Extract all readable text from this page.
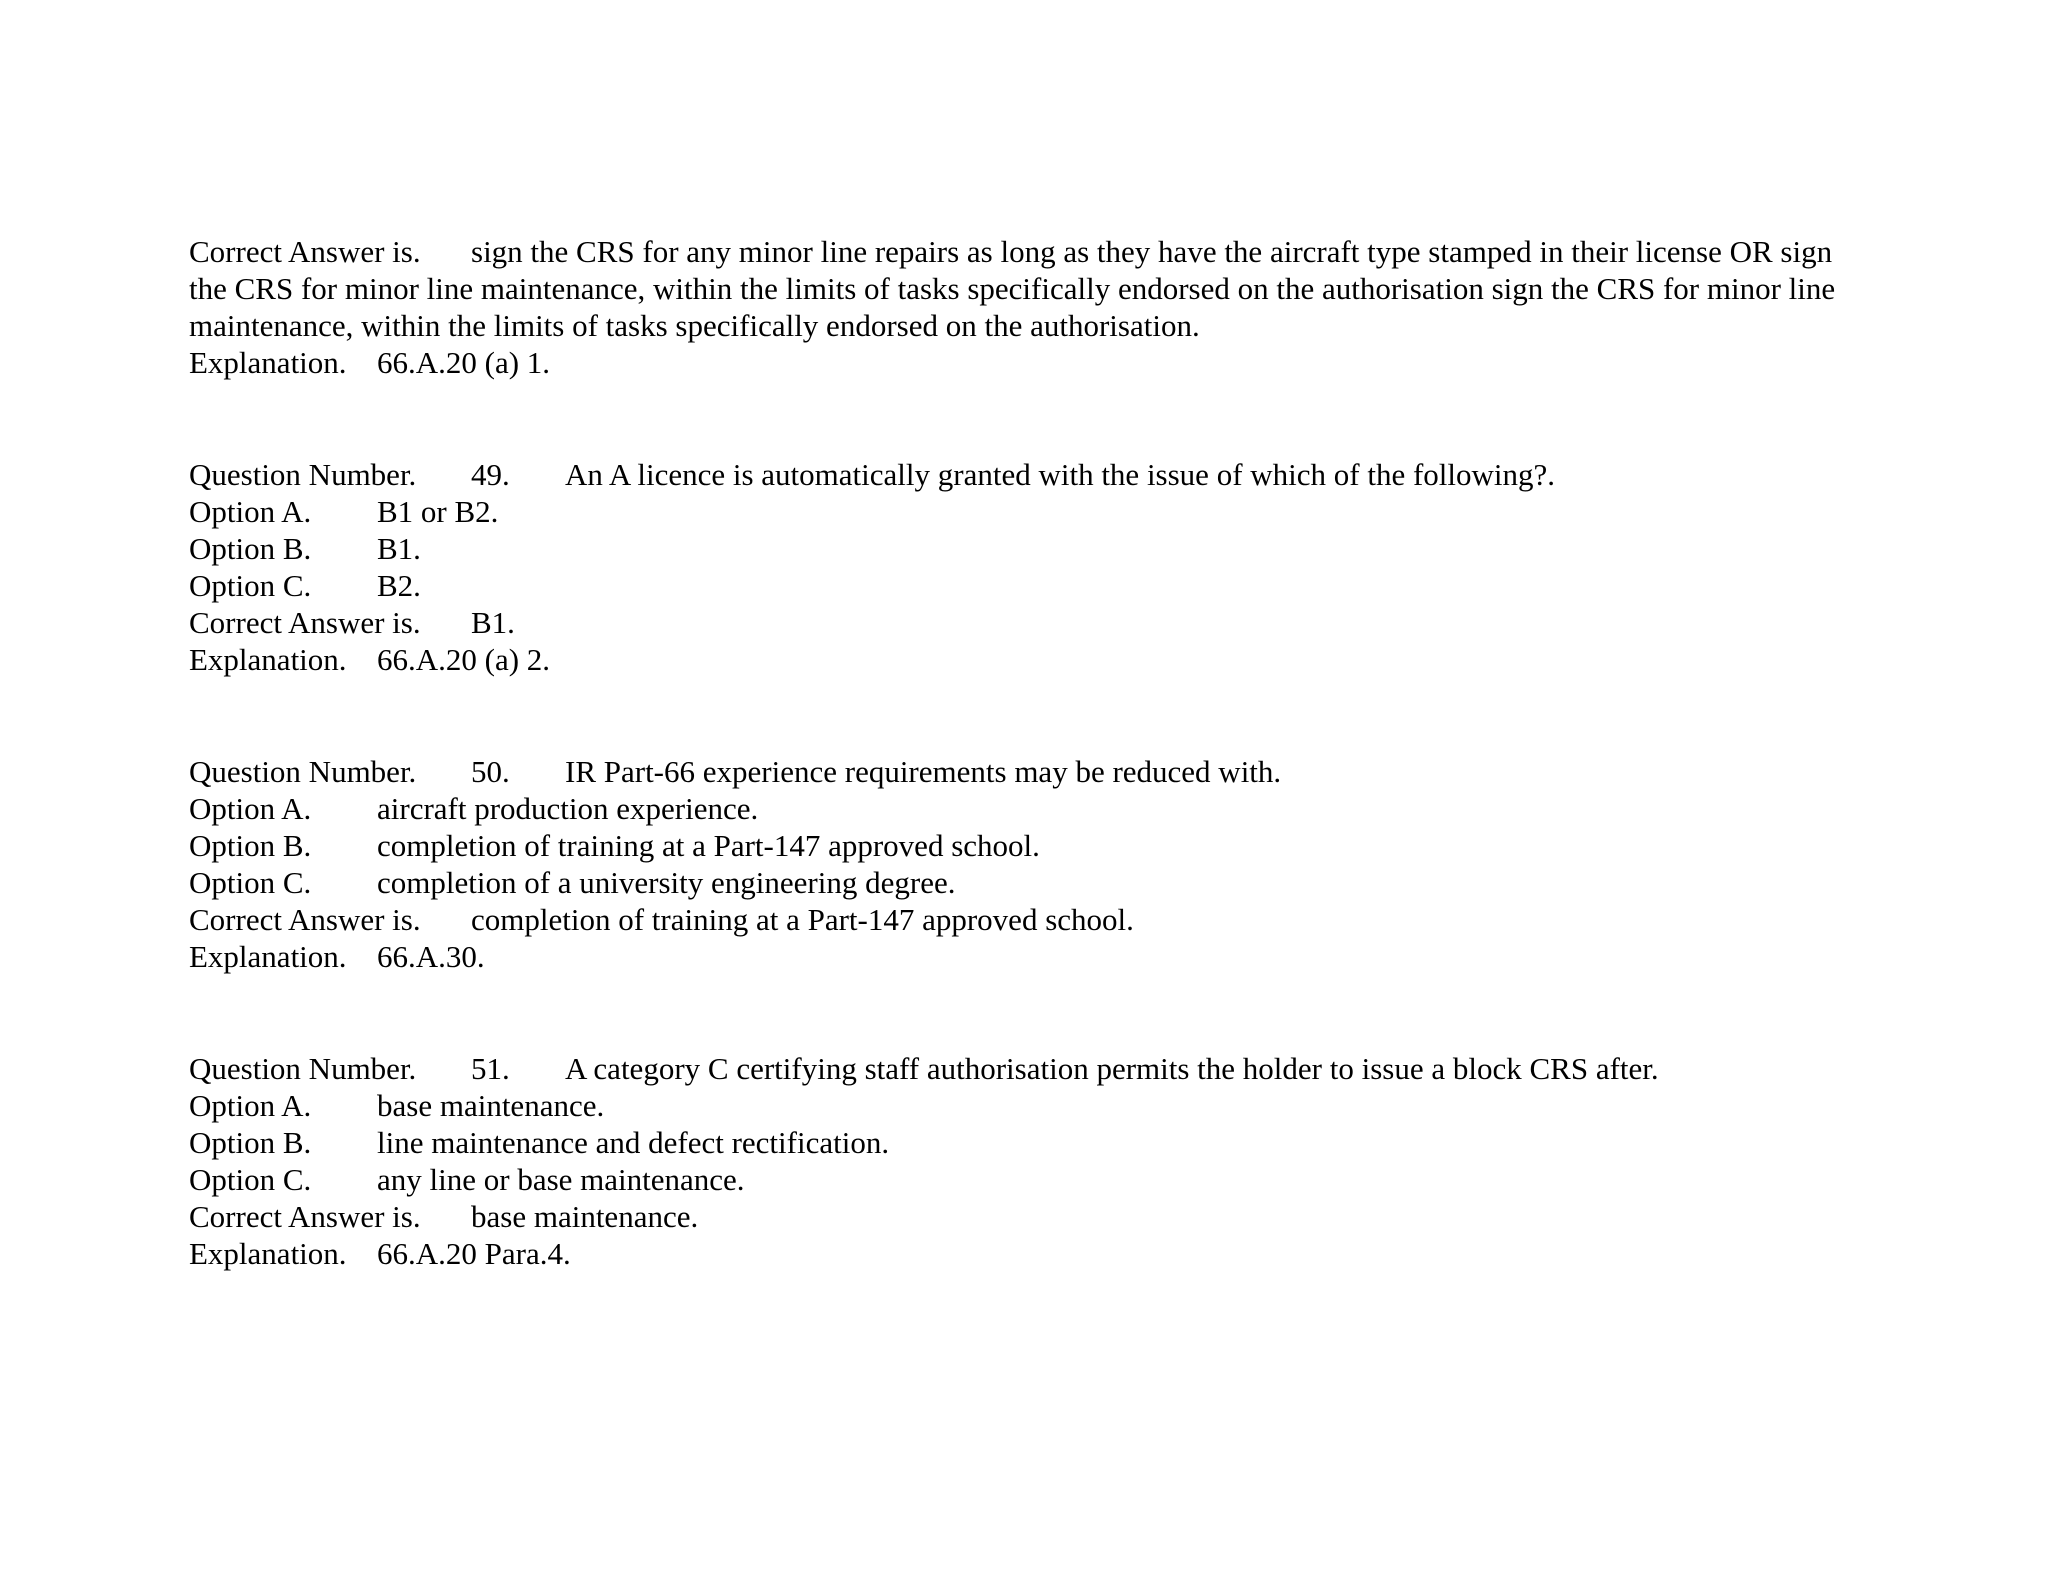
Correct Answer is. sign the CRS for any minor line repairs as long as they have the aircraft type stamped in their license OR sign
the CRS for minor line maintenance, within the limits of tasks specifically endorsed on the authorisation sign the CRS for minor line
maintenance, within the limits of tasks specifically endorsed on the authorisation.
Explanation. 66.A.20 (a) 1.
Question Number. 49. An A licence is automatically granted with the issue of which of the following?.
Option A. B1 or B2.
Option B. B1.
Option C. B2.
Correct Answer is. B1.
Explanation. 66.A.20 (a) 2.
Question Number. 50. IR Part-66 experience requirements may be reduced with.
Option A. aircraft production experience.
Option B. completion of training at a Part-147 approved school.
Option C. completion of a university engineering degree.
Correct Answer is. completion of training at a Part-147 approved school.
Explanation. 66.A.30.
Question Number. 51. A category C certifying staff authorisation permits the holder to issue a block CRS after.
Option A. base maintenance.
Option B. line maintenance and defect rectification.
Option C. any line or base maintenance.
Correct Answer is. base maintenance.
Explanation. 66.A.20 Para.4.
